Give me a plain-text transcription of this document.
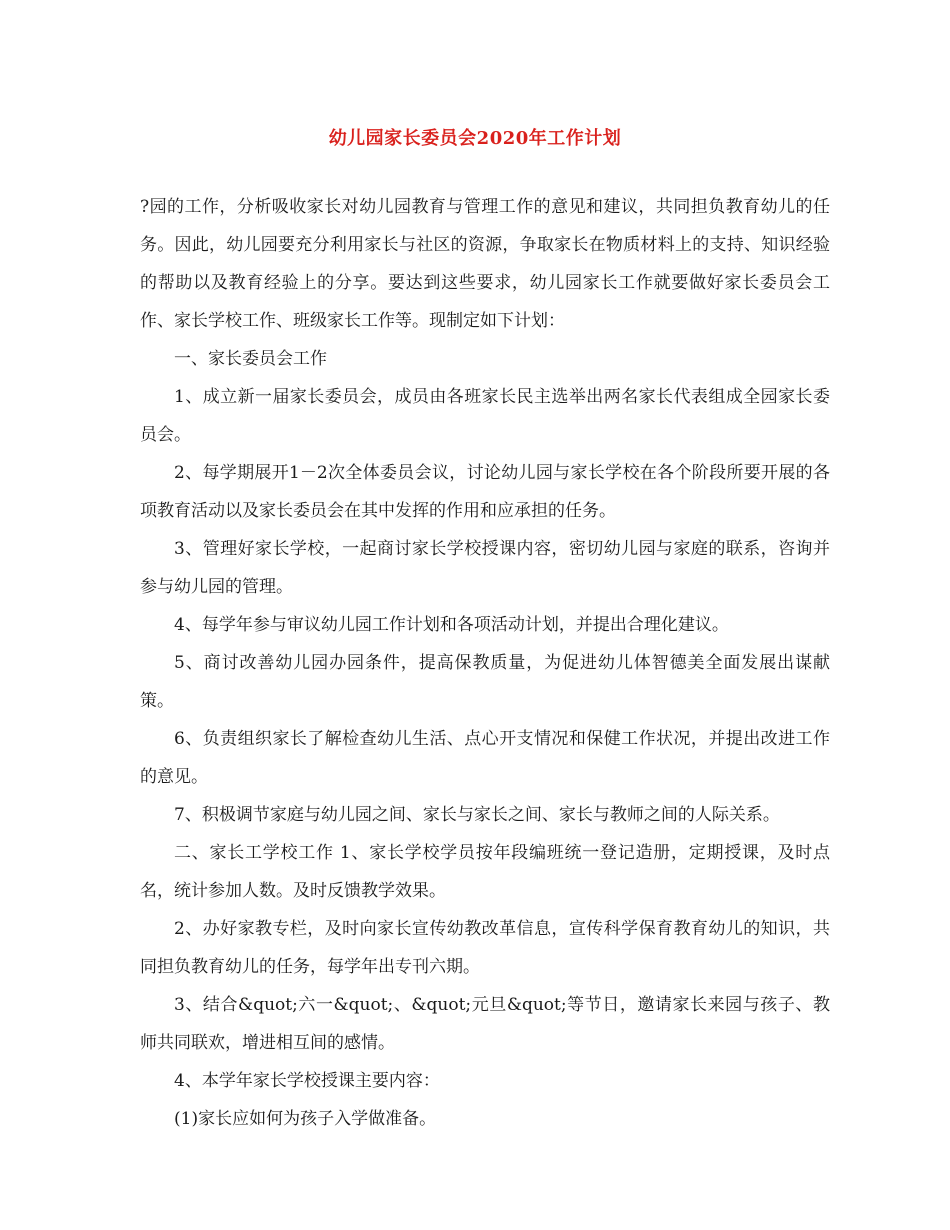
幼儿园家长委员会2020年工作计划

?园的工作，分析吸收家长对幼儿园教育与管理工作的意见和建议，共同担负教育幼儿的任务。因此，幼儿园要充分利用家长与社区的资源，争取家长在物质材料上的支持、知识经验的帮助以及教育经验上的分享。要达到这些要求，幼儿园家长工作就要做好家长委员会工作、家长学校工作、班级家长工作等。现制定如下计划：

一、家长委员会工作

1、成立新一届家长委员会，成员由各班家长民主选举出两名家长代表组成全园家长委员会。

2、每学期展开1－2次全体委员会议，讨论幼儿园与家长学校在各个阶段所要开展的各项教育活动以及家长委员会在其中发挥的作用和应承担的任务。

3、管理好家长学校，一起商讨家长学校授课内容，密切幼儿园与家庭的联系，咨询并参与幼儿园的管理。

4、每学年参与审议幼儿园工作计划和各项活动计划，并提出合理化建议。

5、商讨改善幼儿园办园条件，提高保教质量，为促进幼儿体智德美全面发展出谋献策。

6、负责组织家长了解检查幼儿生活、点心开支情况和保健工作状况，并提出改进工作的意见。

7、积极调节家庭与幼儿园之间、家长与家长之间、家长与教师之间的人际关系。

二、家长工学校工作 1、家长学校学员按年段编班统一登记造册，定期授课，及时点名，统计参加人数。及时反馈教学效果。

2、办好家教专栏，及时向家长宣传幼教改革信息，宣传科学保育教育幼儿的知识，共同担负教育幼儿的任务，每学年出专刊六期。

3、结合&quot;六一&quot;、&quot;元旦&quot;等节日，邀请家长来园与孩子、教师共同联欢，增进相互间的感情。

4、本学年家长学校授课主要内容：

(1)家长应如何为孩子入学做准备。
